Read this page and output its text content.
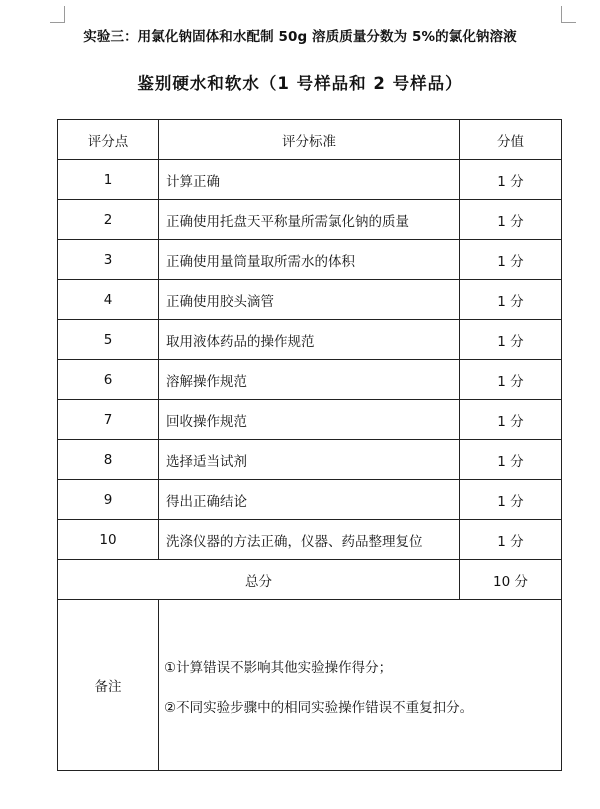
实验三：用氯化钠固体和水配制 50g 溶质质量分数为 5%的氯化钠溶液
鉴别硬水和软水（1 号样品和 2 号样品）
评分点	评分标准	分值
1	计算正确	1 分
2	正确使用托盘天平称量所需氯化钠的质量	1 分
3	正确使用量筒量取所需水的体积	1 分
4	正确使用胶头滴管	1 分
5	取用液体药品的操作规范	1 分
6	溶解操作规范	1 分
7	回收操作规范	1 分
8	选择适当试剂	1 分
9	得出正确结论	1 分
10	洗涤仪器的方法正确，仪器、药品整理复位	1 分
总分		10 分
备注	①计算错误不影响其他实验操作得分；

②不同实验步骤中的相同实验操作错误不重复扣分。	
